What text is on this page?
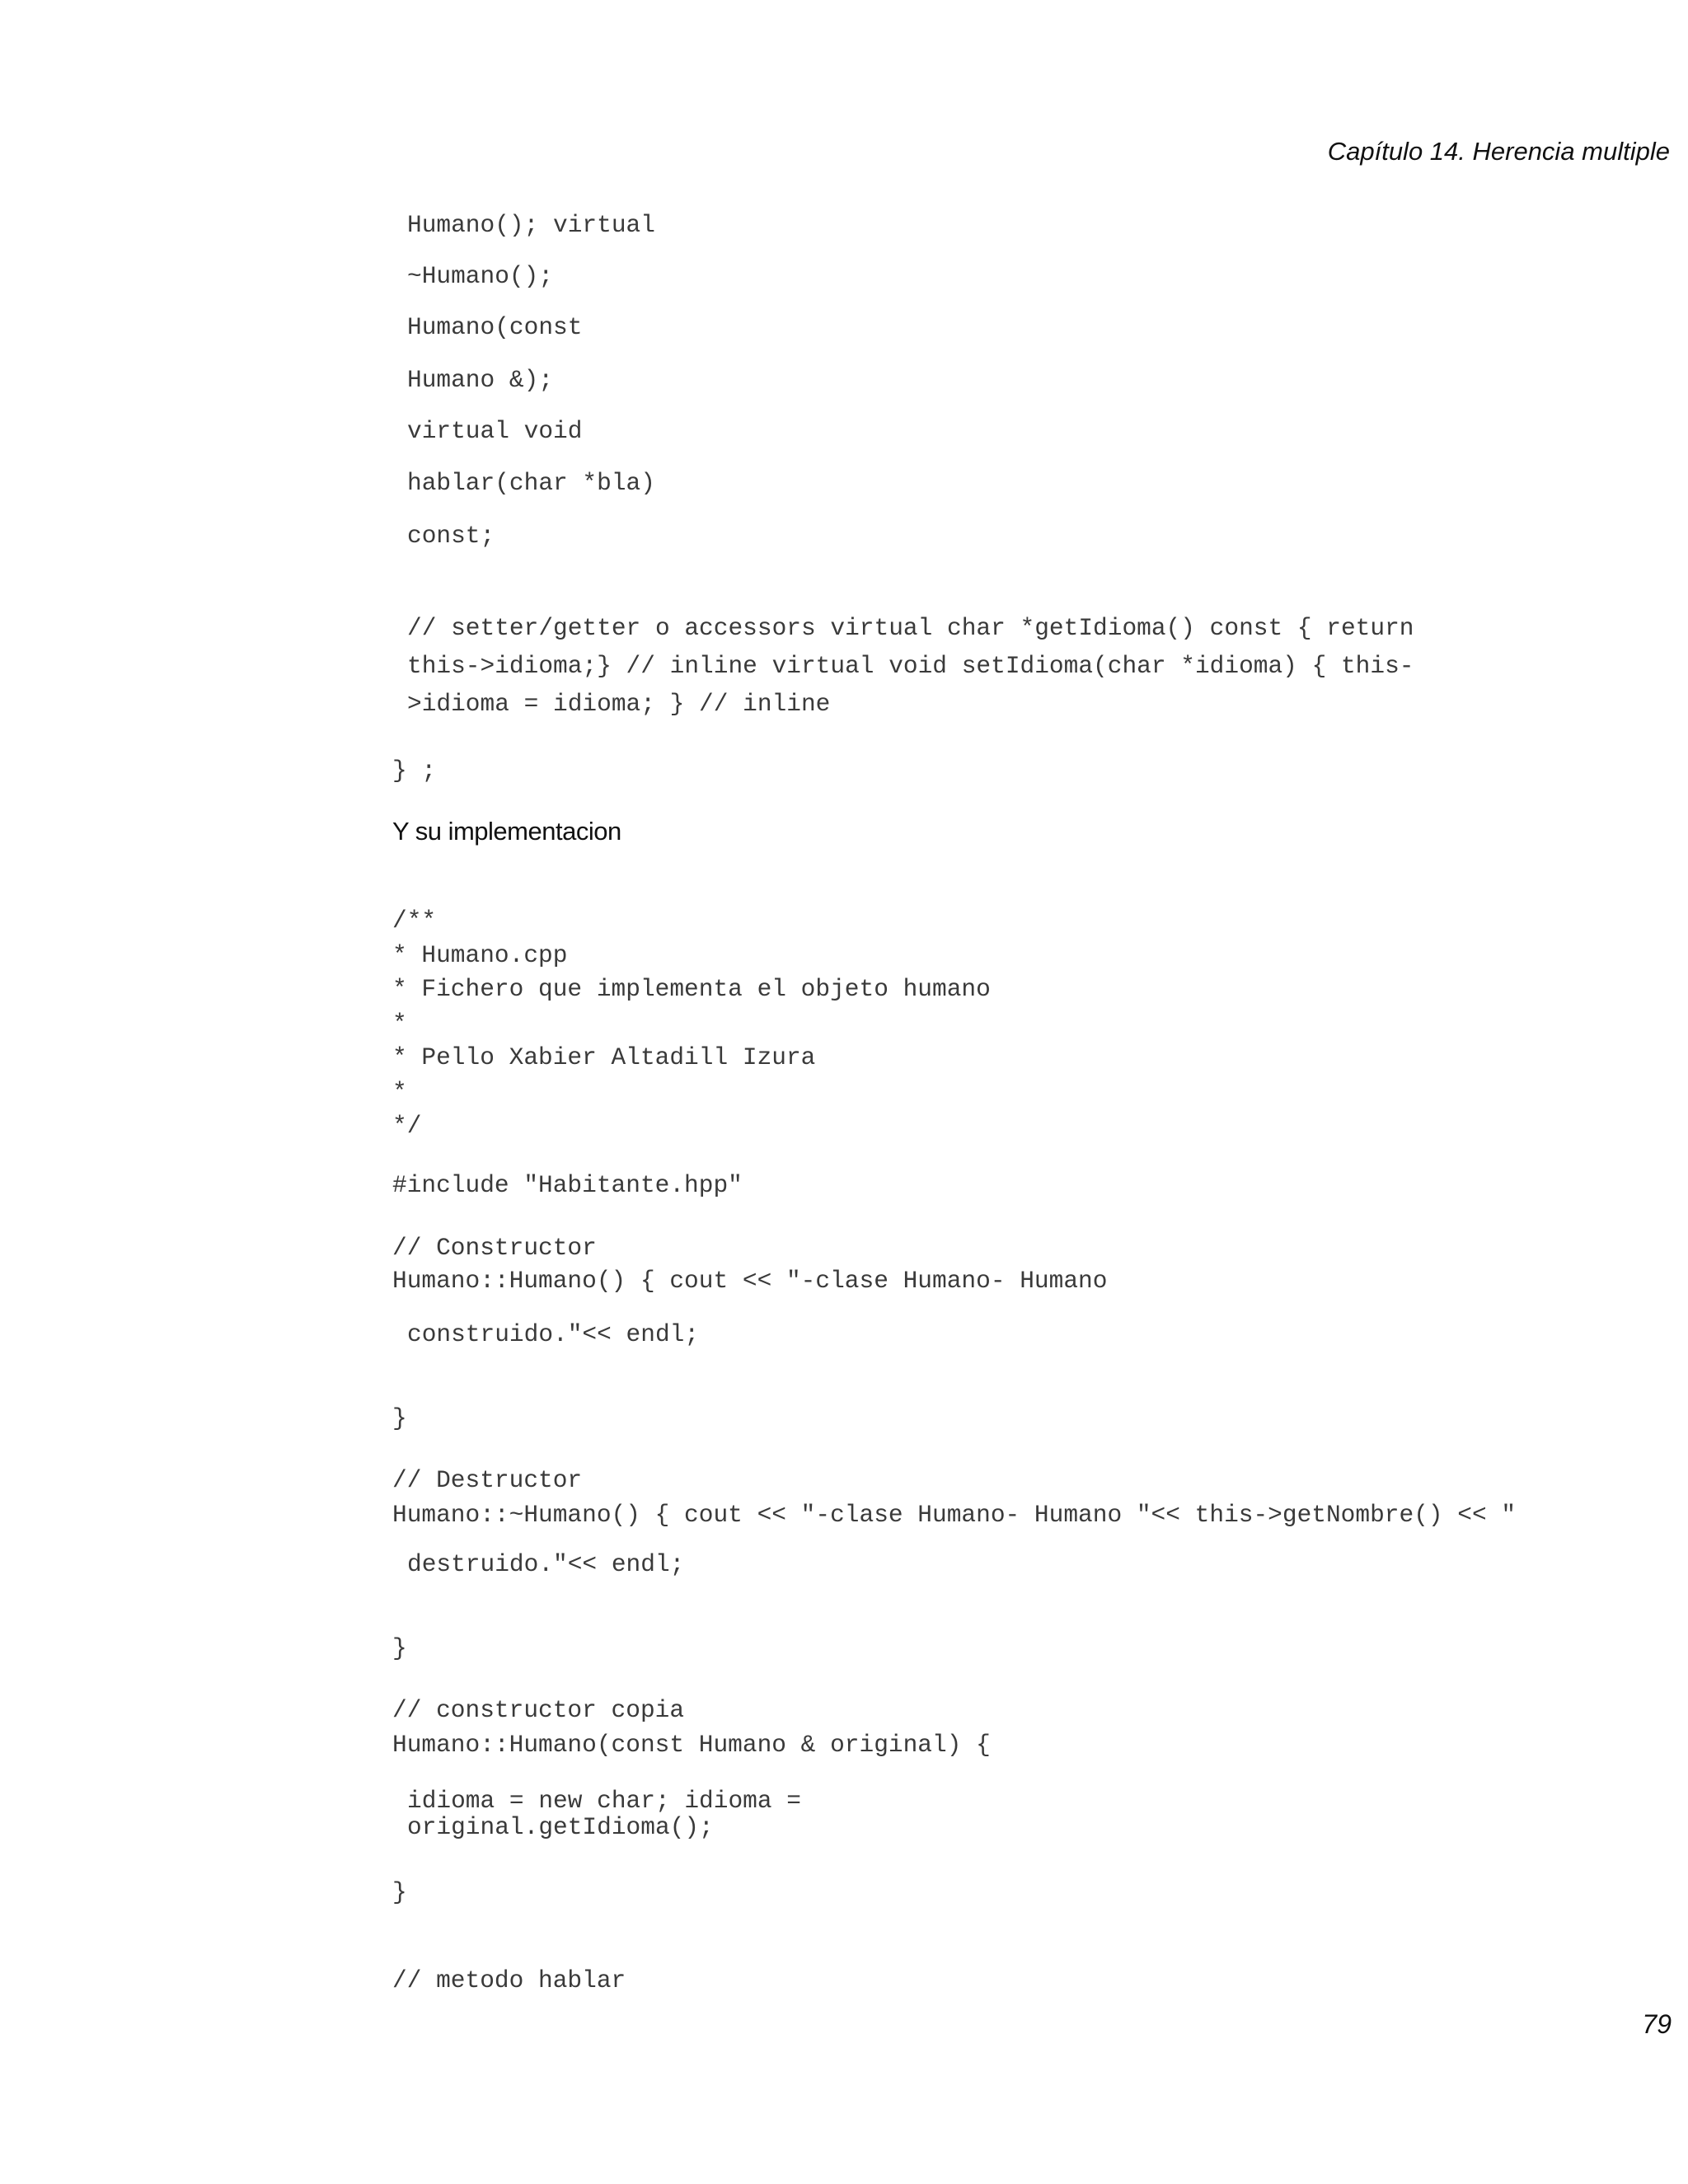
Capítulo 14. Herencia multiple
Humano(); virtual
~Humano();
Humano(const
Humano &);
virtual void
hablar(char *bla)
const;
// setter/getter o accessors virtual char *getIdioma() const { return
this->idioma;} // inline virtual void setIdioma(char *idioma) { this-
>idioma = idioma; } // inline
} ;
Y su implementacion
/**
* Humano.cpp
* Fichero que implementa el objeto humano
*
* Pello Xabier Altadill Izura
*
*/
#include "Habitante.hpp"
// Constructor
Humano::Humano() { cout << "-clase Humano- Humano
construido."<< endl;
}
// Destructor
Humano::~Humano() { cout << "-clase Humano- Humano "<< this->getNombre() << "
destruido."<< endl;
}
// constructor copia
Humano::Humano(const Humano & original) {
idioma = new char; idioma =
original.getIdioma();
}
// metodo hablar
79
